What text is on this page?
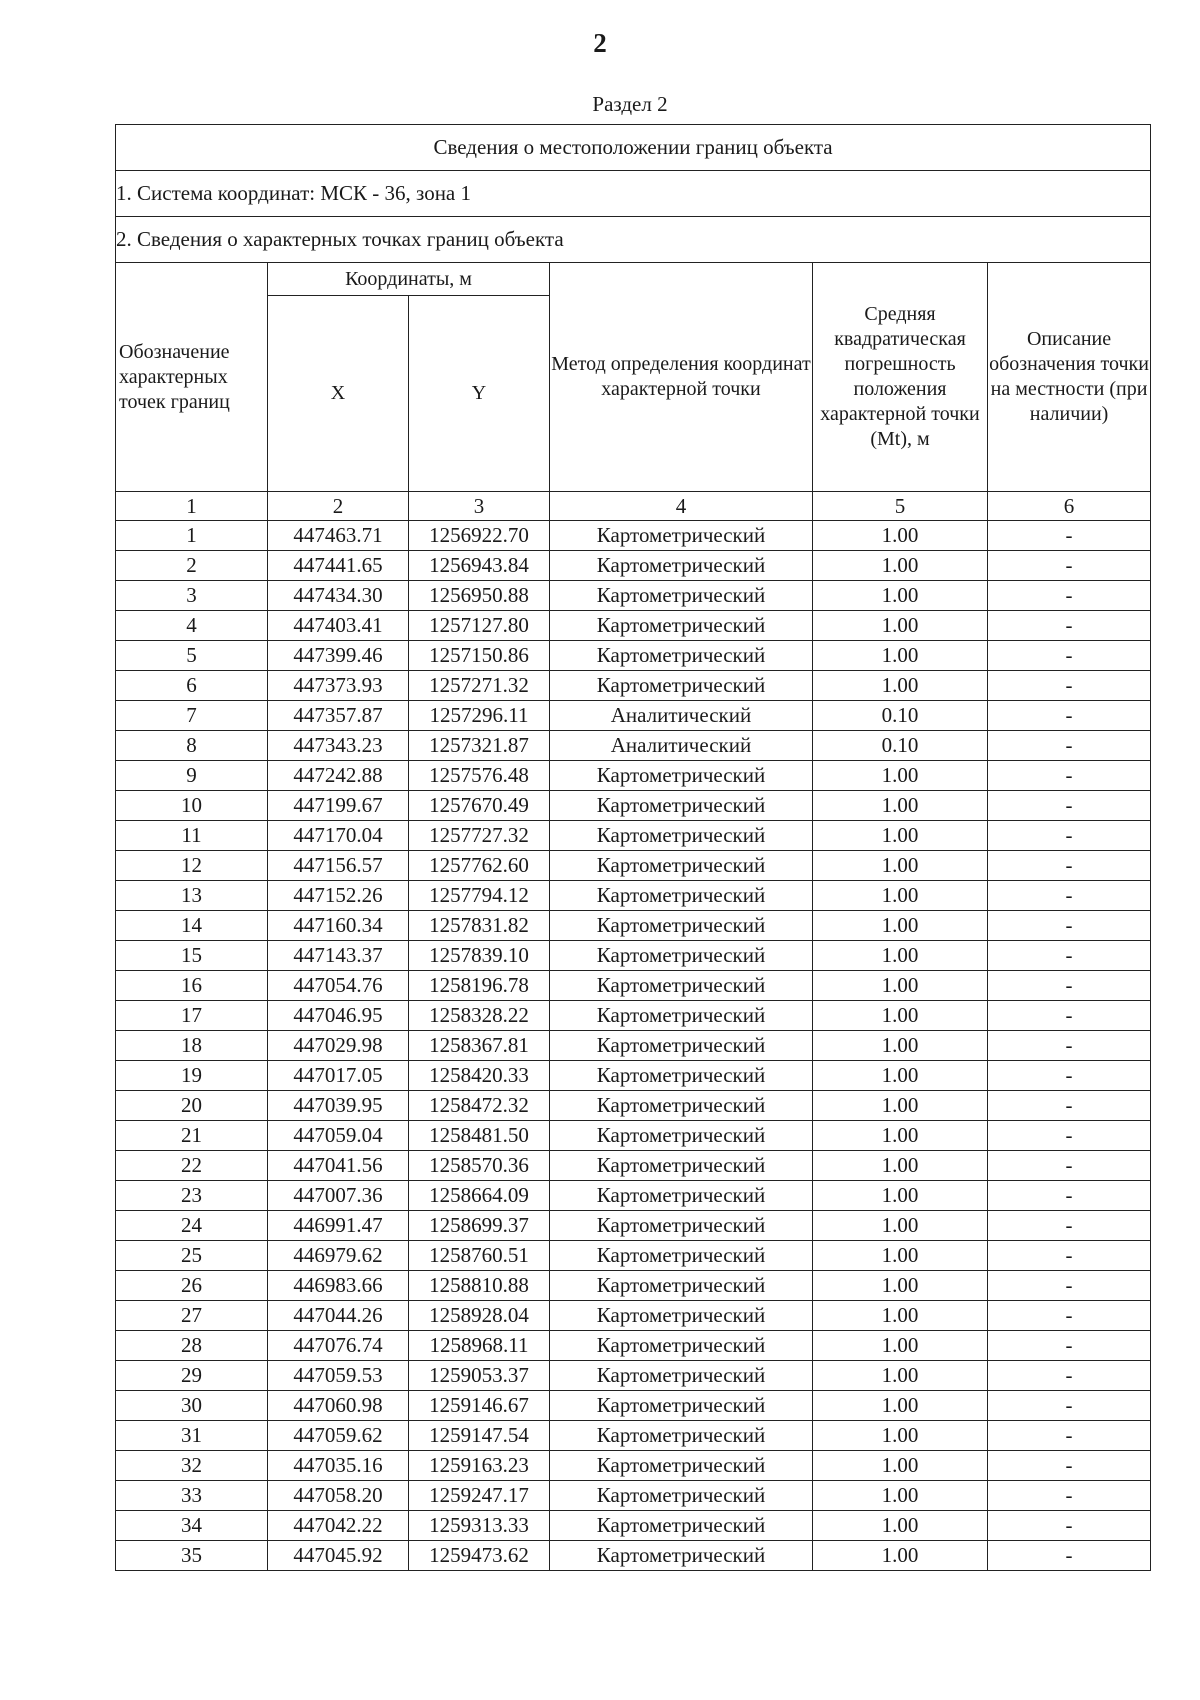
2
Раздел 2
Сведения о местоположении границ объекта					
1. Система координат: МСК - 36, зона 1					
2. Сведения о характерных точках границ объекта					
Обозначение характерных точек границ	Координаты, м		Метод определения координат характерной точки	Средняя квадратическая погрешность положения характерной точки (Mt), м	Описание обозначения точки на местности (при наличии)
	X	Y			
1	2	3	4	5	6
1	447463.71	1256922.70	Картометрический	1.00	-
2	447441.65	1256943.84	Картометрический	1.00	-
3	447434.30	1256950.88	Картометрический	1.00	-
4	447403.41	1257127.80	Картометрический	1.00	-
5	447399.46	1257150.86	Картометрический	1.00	-
6	447373.93	1257271.32	Картометрический	1.00	-
7	447357.87	1257296.11	Аналитический	0.10	-
8	447343.23	1257321.87	Аналитический	0.10	-
9	447242.88	1257576.48	Картометрический	1.00	-
10	447199.67	1257670.49	Картометрический	1.00	-
11	447170.04	1257727.32	Картометрический	1.00	-
12	447156.57	1257762.60	Картометрический	1.00	-
13	447152.26	1257794.12	Картометрический	1.00	-
14	447160.34	1257831.82	Картометрический	1.00	-
15	447143.37	1257839.10	Картометрический	1.00	-
16	447054.76	1258196.78	Картометрический	1.00	-
17	447046.95	1258328.22	Картометрический	1.00	-
18	447029.98	1258367.81	Картометрический	1.00	-
19	447017.05	1258420.33	Картометрический	1.00	-
20	447039.95	1258472.32	Картометрический	1.00	-
21	447059.04	1258481.50	Картометрический	1.00	-
22	447041.56	1258570.36	Картометрический	1.00	-
23	447007.36	1258664.09	Картометрический	1.00	-
24	446991.47	1258699.37	Картометрический	1.00	-
25	446979.62	1258760.51	Картометрический	1.00	-
26	446983.66	1258810.88	Картометрический	1.00	-
27	447044.26	1258928.04	Картометрический	1.00	-
28	447076.74	1258968.11	Картометрический	1.00	-
29	447059.53	1259053.37	Картометрический	1.00	-
30	447060.98	1259146.67	Картометрический	1.00	-
31	447059.62	1259147.54	Картометрический	1.00	-
32	447035.16	1259163.23	Картометрический	1.00	-
33	447058.20	1259247.17	Картометрический	1.00	-
34	447042.22	1259313.33	Картометрический	1.00	-
35	447045.92	1259473.62	Картометрический	1.00	-
